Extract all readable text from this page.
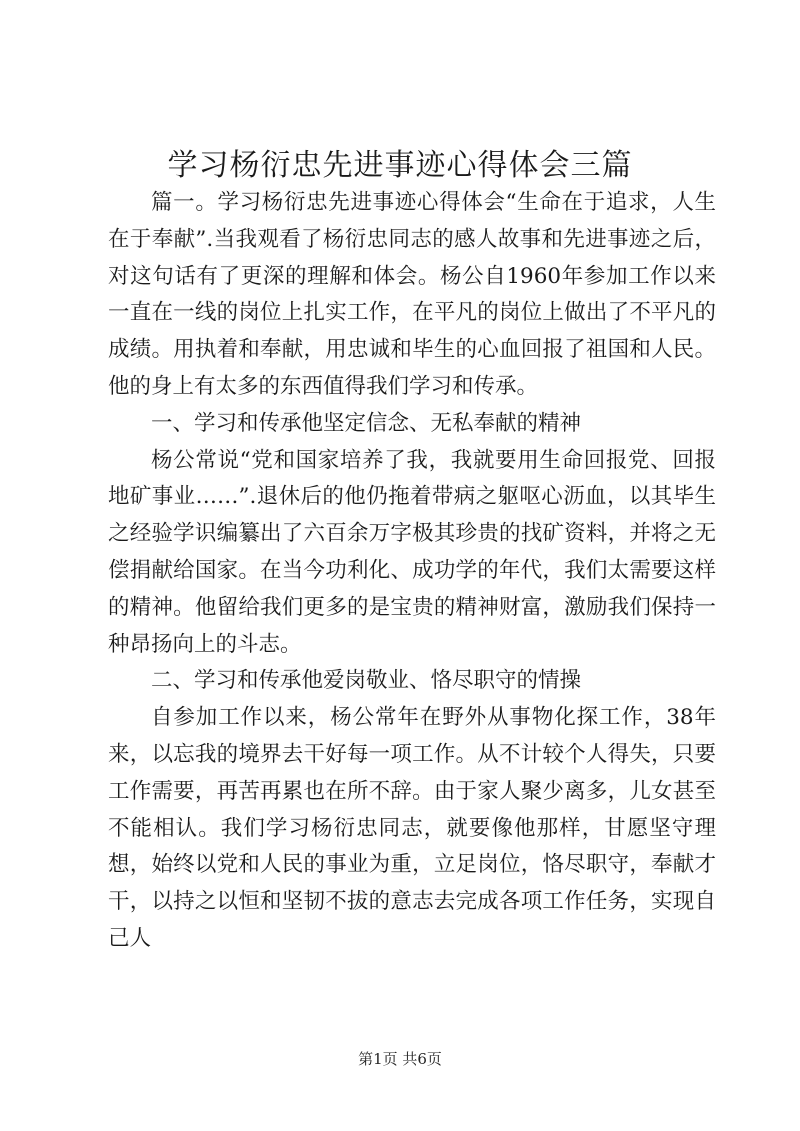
学习杨衍忠先进事迹心得体会三篇

篇一。学习杨衍忠先进事迹心得体会“生命在于追求，人生在于奉献”.当我观看了杨衍忠同志的感人故事和先进事迹之后，对这句话有了更深的理解和体会。杨公自1960年参加工作以来一直在一线的岗位上扎实工作，在平凡的岗位上做出了不平凡的成绩。用执着和奉献，用忠诚和毕生的心血回报了祖国和人民。他的身上有太多的东西值得我们学习和传承。

一、学习和传承他坚定信念、无私奉献的精神

杨公常说“党和国家培养了我，我就要用生命回报党、回报地矿事业……”.退休后的他仍拖着带病之躯呕心沥血，以其毕生之经验学识编纂出了六百余万字极其珍贵的找矿资料，并将之无偿捐献给国家。在当今功利化、成功学的年代，我们太需要这样的精神。他留给我们更多的是宝贵的精神财富，激励我们保持一种昂扬向上的斗志。

二、学习和传承他爱岗敬业、恪尽职守的情操

自参加工作以来，杨公常年在野外从事物化探工作，38年来，以忘我的境界去干好每一项工作。从不计较个人得失，只要工作需要，再苦再累也在所不辞。由于家人聚少离多，儿女甚至不能相认。我们学习杨衍忠同志，就要像他那样，甘愿坚守理想，始终以党和人民的事业为重，立足岗位，恪尽职守，奉献才干，以持之以恒和坚韧不拔的意志去完成各项工作任务，实现自己人

第1页 共6页
